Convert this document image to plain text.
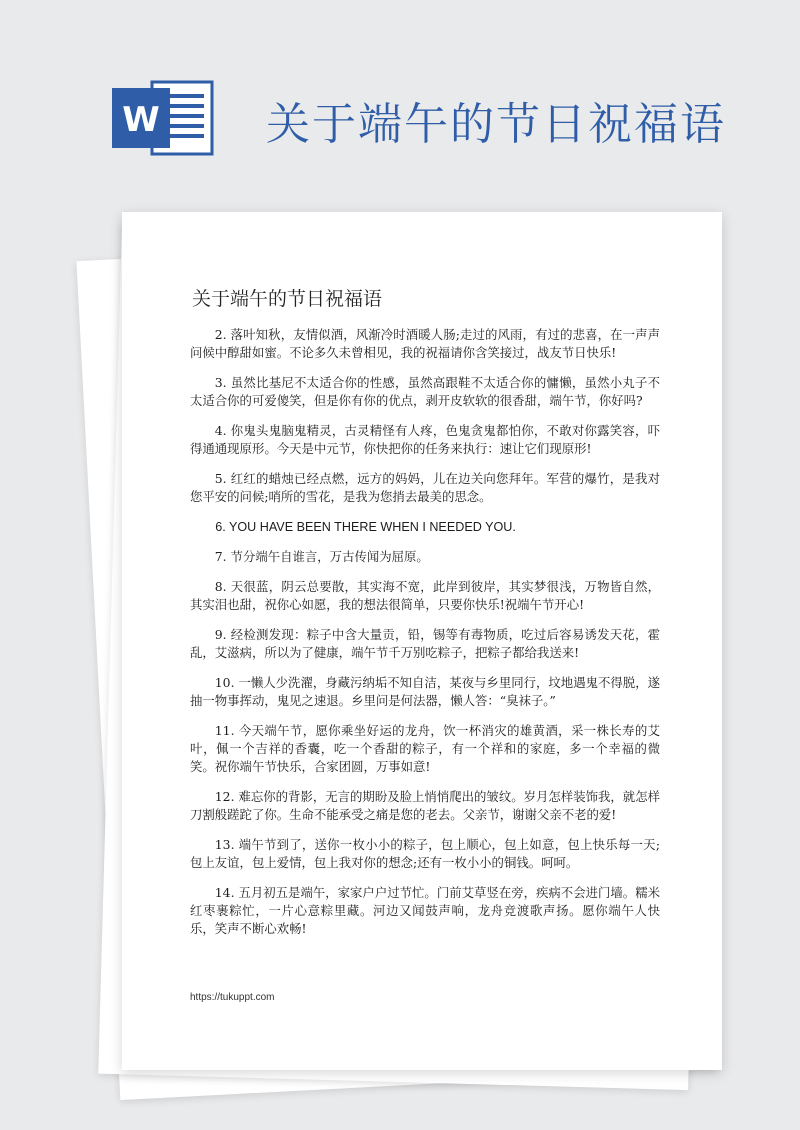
W 关于端午的节日祝福语
关于端午的节日祝福语

2. 落叶知秋，友情似酒，风渐冷时酒暖人肠;走过的风雨，有过的悲喜，在一声声问候中醇甜如蜜。不论多久未曾相见，我的祝福请你含笑接过，战友节日快乐!

3. 虽然比基尼不太适合你的性感，虽然高跟鞋不太适合你的慵懒，虽然小丸子不太适合你的可爱傻笑，但是你有你的优点，剥开皮软软的很香甜，端午节，你好吗?

4. 你鬼头鬼脑鬼精灵，古灵精怪有人疼，色鬼贪鬼都怕你，不敢对你露笑容，吓得通通现原形。今天是中元节，你快把你的任务来执行：速让它们现原形!

5. 红红的蜡烛已经点燃，远方的妈妈，儿在边关向您拜年。军营的爆竹，是我对您平安的问候;哨所的雪花，是我为您捎去最美的思念。

6. YOU HAVE BEEN THERE WHEN I NEEDED YOU.

7. 节分端午自谁言，万古传闻为屈原。

8. 天很蓝，阴云总要散，其实海不宽，此岸到彼岸，其实梦很浅，万物皆自然，其实泪也甜，祝你心如愿，我的想法很简单，只要你快乐!祝端午节开心!

9. 经检测发现：粽子中含大量贡，铅，锡等有毒物质，吃过后容易诱发天花，霍乱，艾滋病，所以为了健康，端午节千万别吃粽子，把粽子都给我送来!

10. 一懒人少洗濯，身藏污纳垢不知自洁，某夜与乡里同行，坟地遇鬼不得脱，遂抽一物事挥动，鬼见之速退。乡里问是何法器，懒人答：“臭袜子。”

11. 今天端午节，愿你乘坐好运的龙舟，饮一杯消灾的雄黄酒，采一株长寿的艾叶，佩一个吉祥的香囊，吃一个香甜的粽子，有一个祥和的家庭，多一个幸福的微笑。祝你端午节快乐，合家团圆，万事如意!

12. 难忘你的背影，无言的期盼及脸上悄悄爬出的皱纹。岁月怎样装饰我，就怎样刀割般蹉跎了你。生命不能承受之痛是您的老去。父亲节，谢谢父亲不老的爱!

13. 端午节到了，送你一枚小小的粽子，包上顺心，包上如意，包上快乐每一天;包上友谊，包上爱情，包上我对你的想念;还有一枚小小的铜钱。呵呵。

14. 五月初五是端午，家家户户过节忙。门前艾草竖在旁，疾病不会进门墙。糯米红枣裹粽忙，一片心意粽里藏。河边又闻鼓声响，龙舟竞渡歌声扬。愿你端午人快乐，笑声不断心欢畅!

https://tukuppt.com
